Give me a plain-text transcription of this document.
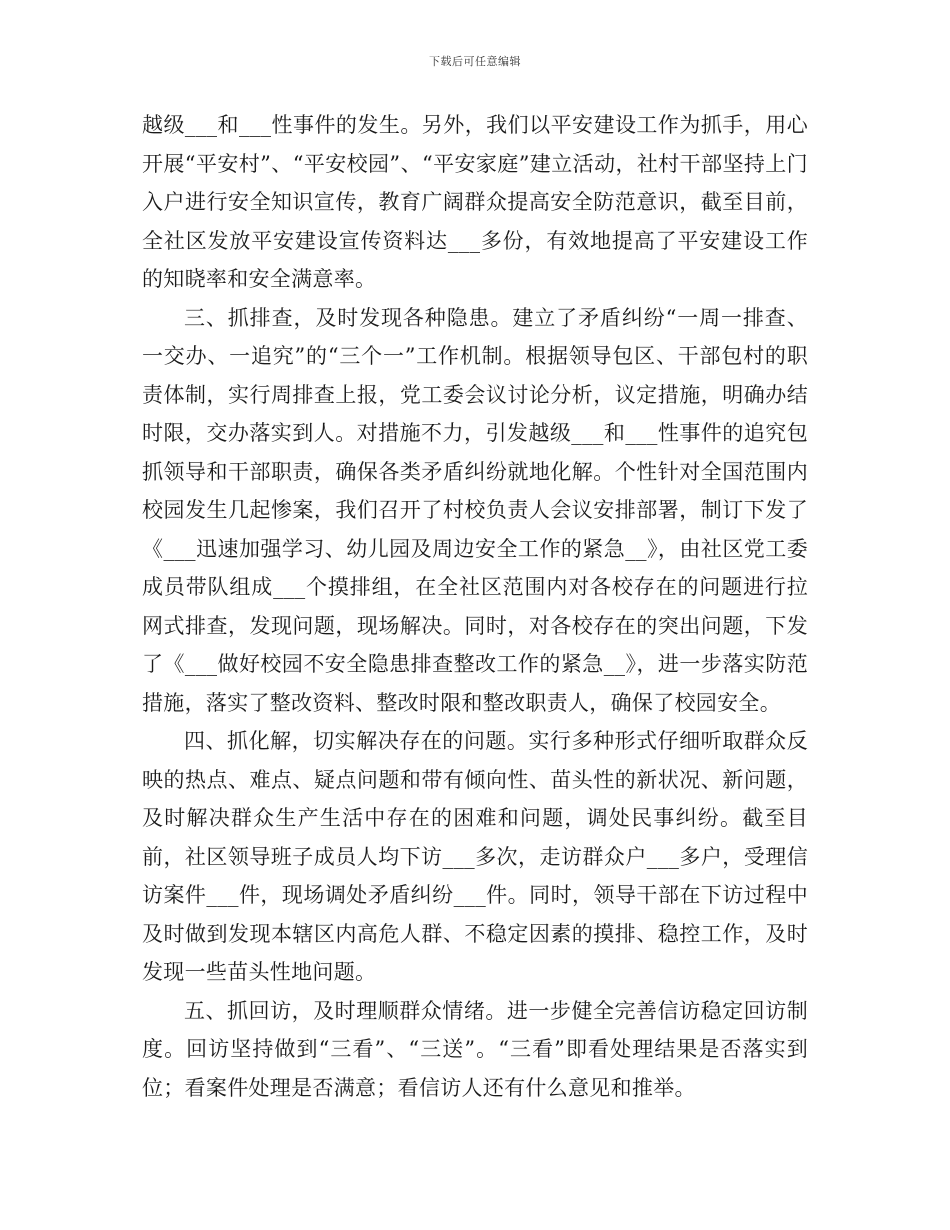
下载后可任意编辑

越级___和___性事件的发生。另外，我们以平安建设工作为抓手，用心开展“平安村”、“平安校园”、“平安家庭”建立活动，社村干部坚持上门入户进行安全知识宣传，教育广阔群众提高安全防范意识，截至目前，全社区发放平安建设宣传资料达___多份，有效地提高了平安建设工作的知晓率和安全满意率。

三、抓排查，及时发现各种隐患。建立了矛盾纠纷“一周一排查、一交办、一追究”的“三个一”工作机制。根据领导包区、干部包村的职责体制，实行周排查上报，党工委会议讨论分析，议定措施，明确办结时限，交办落实到人。对措施不力，引发越级___和___性事件的追究包抓领导和干部职责，确保各类矛盾纠纷就地化解。个性针对全国范围内校园发生几起惨案，我们召开了村校负责人会议安排部署，制订下发了《___迅速加强学习、幼儿园及周边安全工作的紧急__》，由社区党工委成员带队组成___个摸排组，在全社区范围内对各校存在的问题进行拉网式排查，发现问题，现场解决。同时，对各校存在的突出问题，下发了《___做好校园不安全隐患排查整改工作的紧急__》，进一步落实防范措施，落实了整改资料、整改时限和整改职责人，确保了校园安全。

四、抓化解，切实解决存在的问题。实行多种形式仔细听取群众反映的热点、难点、疑点问题和带有倾向性、苗头性的新状况、新问题，及时解决群众生产生活中存在的困难和问题，调处民事纠纷。截至目前，社区领导班子成员人均下访___多次，走访群众户___多户，受理信访案件___件，现场调处矛盾纠纷___件。同时，领导干部在下访过程中及时做到发现本辖区内高危人群、不稳定因素的摸排、稳控工作，及时发现一些苗头性地问题。

五、抓回访，及时理顺群众情绪。进一步健全完善信访稳定回访制度。回访坚持做到“三看”、“三送”。“三看”即看处理结果是否落实到位；看案件处理是否满意；看信访人还有什么意见和推举。
